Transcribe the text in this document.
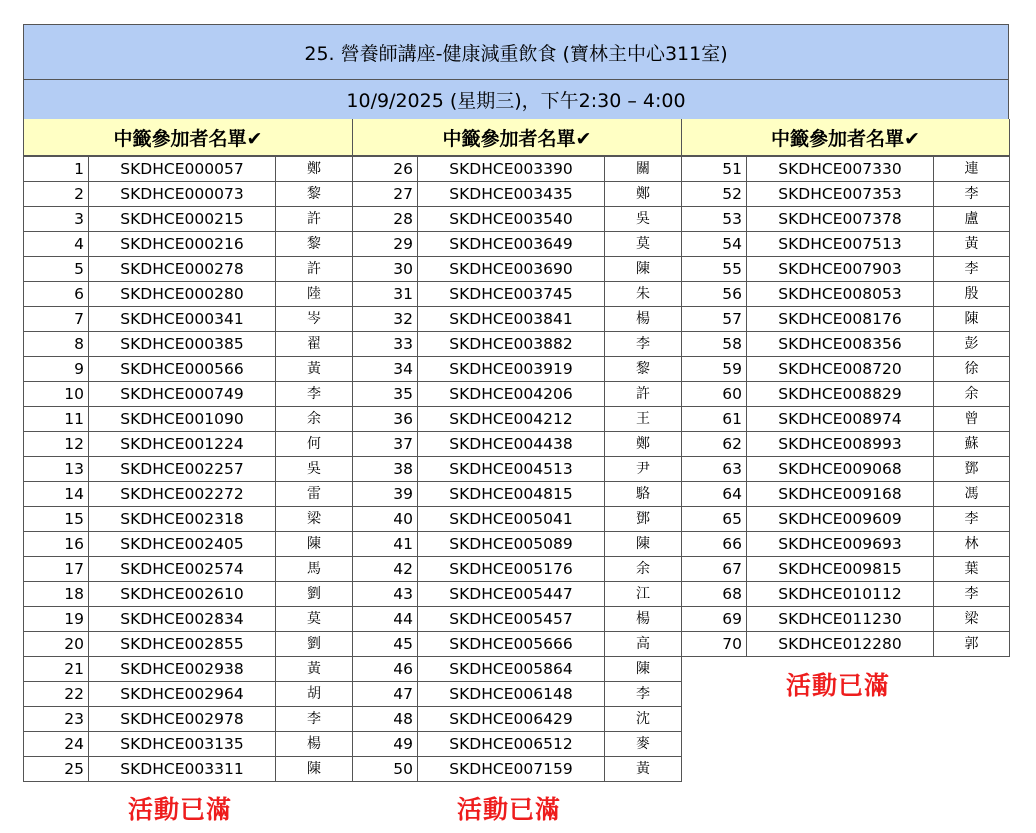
25. 營養師講座-健康減重飲食 (寶林主中心311室)
10/9/2025 (星期三)，下午2:30 – 4:00
中籤參加者名單✔
1	SKDHCE000057	鄭
2	SKDHCE000073	黎
3	SKDHCE000215	許
4	SKDHCE000216	黎
5	SKDHCE000278	許
6	SKDHCE000280	陸
7	SKDHCE000341	岑
8	SKDHCE000385	翟
9	SKDHCE000566	黃
10	SKDHCE000749	李
11	SKDHCE001090	余
12	SKDHCE001224	何
13	SKDHCE002257	吳
14	SKDHCE002272	雷
15	SKDHCE002318	梁
16	SKDHCE002405	陳
17	SKDHCE002574	馬
18	SKDHCE002610	劉
19	SKDHCE002834	莫
20	SKDHCE002855	劉
21	SKDHCE002938	黃
22	SKDHCE002964	胡
23	SKDHCE002978	李
24	SKDHCE003135	楊
25	SKDHCE003311	陳
中籤參加者名單✔
26	SKDHCE003390	關
27	SKDHCE003435	鄭
28	SKDHCE003540	吳
29	SKDHCE003649	莫
30	SKDHCE003690	陳
31	SKDHCE003745	朱
32	SKDHCE003841	楊
33	SKDHCE003882	李
34	SKDHCE003919	黎
35	SKDHCE004206	許
36	SKDHCE004212	王
37	SKDHCE004438	鄭
38	SKDHCE004513	尹
39	SKDHCE004815	駱
40	SKDHCE005041	鄧
41	SKDHCE005089	陳
42	SKDHCE005176	余
43	SKDHCE005447	江
44	SKDHCE005457	楊
45	SKDHCE005666	高
46	SKDHCE005864	陳
47	SKDHCE006148	李
48	SKDHCE006429	沈
49	SKDHCE006512	麥
50	SKDHCE007159	黃
中籤參加者名單✔
51	SKDHCE007330	連
52	SKDHCE007353	李
53	SKDHCE007378	盧
54	SKDHCE007513	黃
55	SKDHCE007903	李
56	SKDHCE008053	殷
57	SKDHCE008176	陳
58	SKDHCE008356	彭
59	SKDHCE008720	徐
60	SKDHCE008829	余
61	SKDHCE008974	曾
62	SKDHCE008993	蘇
63	SKDHCE009068	鄧
64	SKDHCE009168	馮
65	SKDHCE009609	李
66	SKDHCE009693	林
67	SKDHCE009815	葉
68	SKDHCE010112	李
69	SKDHCE011230	梁
70	SKDHCE012280	郭
活動已滿	活動已滿
活動已滿
